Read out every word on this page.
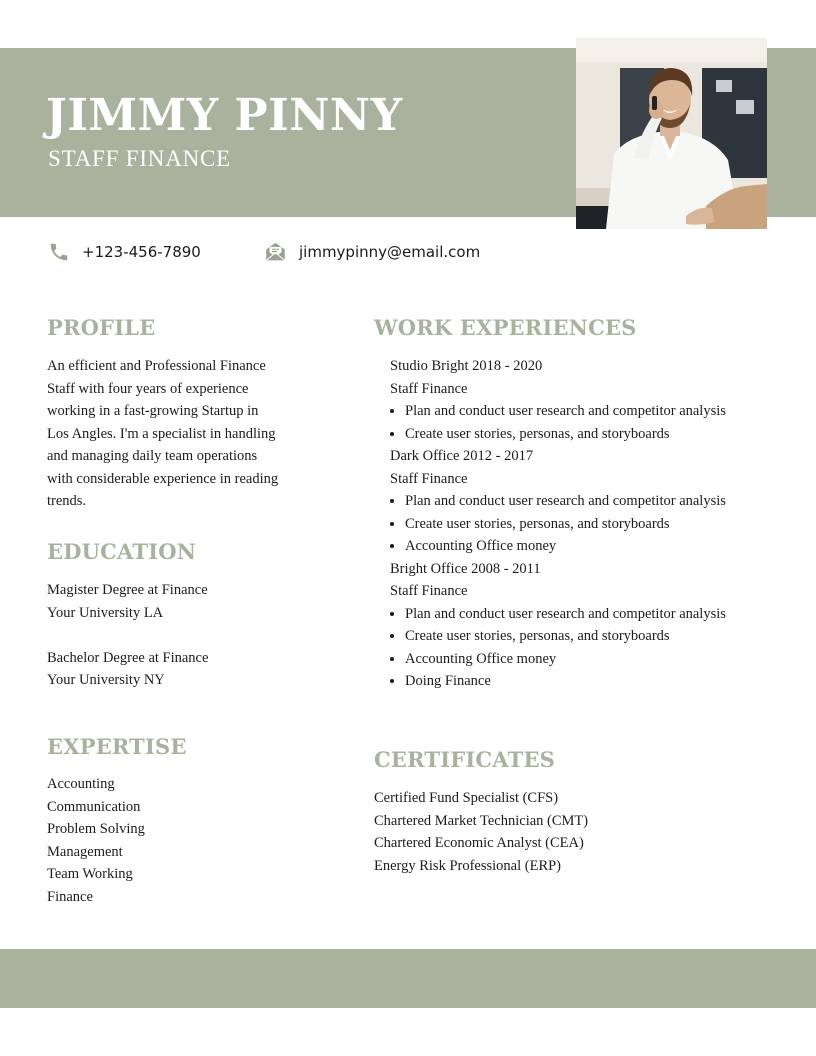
JIMMY PINNY
STAFF FINANCE
+123-456-7890	jimmypinny@email.com
PROFILE
An efficient and Professional Finance
Staff with four years of experience
working in a fast-growing Startup in
Los Angles. I'm a specialist in handling
and managing daily team operations
with considerable experience in reading
trends.
EDUCATION
Magister Degree at Finance
Your University LA
Bachelor Degree at Finance
Your University NY
EXPERTISE
Accounting
Communication
Problem Solving
Management
Team Working
Finance
WORK EXPERIENCES
Studio Bright 2018 - 2020
Staff Finance
• Plan and conduct user research and competitor analysis
• Create user stories, personas, and storyboards
Dark Office 2012 - 2017
Staff Finance
• Plan and conduct user research and competitor analysis
• Create user stories, personas, and storyboards
• Accounting Office money
Bright Office 2008 - 2011
Staff Finance
• Plan and conduct user research and competitor analysis
• Create user stories, personas, and storyboards
• Accounting Office money
• Doing Finance
CERTIFICATES
Certified Fund Specialist (CFS)
Chartered Market Technician (CMT)
Chartered Economic Analyst (CEA)
Energy Risk Professional (ERP)
